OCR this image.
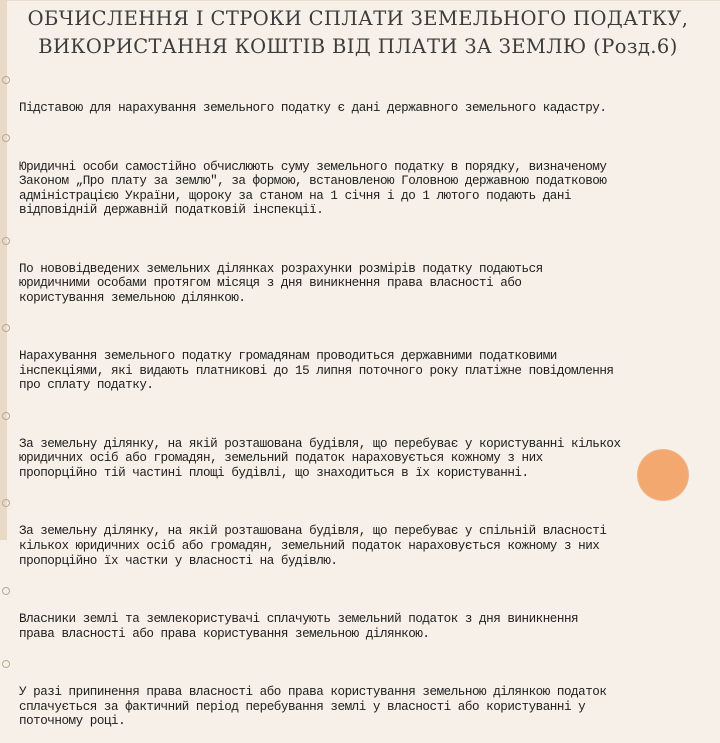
ОБЧИСЛЕННЯ І СТРОКИ СПЛАТИ ЗЕМЕЛЬНОГО ПОДАТКУ, ВИКОРИСТАННЯ КОШТІВ ВІД ПЛАТИ ЗА ЗЕМЛЮ (Розд.6)

Підставою для нарахування земельного податку є дані державного земельного кадастру.

Юридичні особи самостійно обчислюють суму земельного податку в порядку, визначеному
Законом „Про плату за землю", за формою, встановленою Головною державною податковою
адміністрацією України, щороку за станом на 1 січня і до 1 лютого подають дані
відповідній державній податковій інспекції.

По нововідведених земельних ділянках розрахунки розмірів податку подаються
юридичними особами протягом місяця з дня виникнення права власності або
користування земельною ділянкою.

Нарахування земельного податку громадянам проводиться державними податковими
інспекціями, які видають платникові до 15 липня поточного року платіжне повідомлення
про сплату податку.

За земельну ділянку, на якій розташована будівля, що перебуває у користуванні кількох
юридичних осіб або громадян, земельний податок нараховується кожному з них
пропорційно тій частині площі будівлі, що знаходиться в їх користуванні.

За земельну ділянку, на якій розташована будівля, що перебуває у спільній власності
кількох юридичних осіб або громадян, земельний податок нараховується кожному з них
пропорційно їх частки у власності на будівлю.

Власники землі та землекористувачі сплачують земельний податок з дня виникнення
права власності або права користування земельною ділянкою.

У разі припинення права власності або права користування земельною ділянкою податок
сплачується за фактичний період перебування землі у власності або користуванні у
поточному році.
